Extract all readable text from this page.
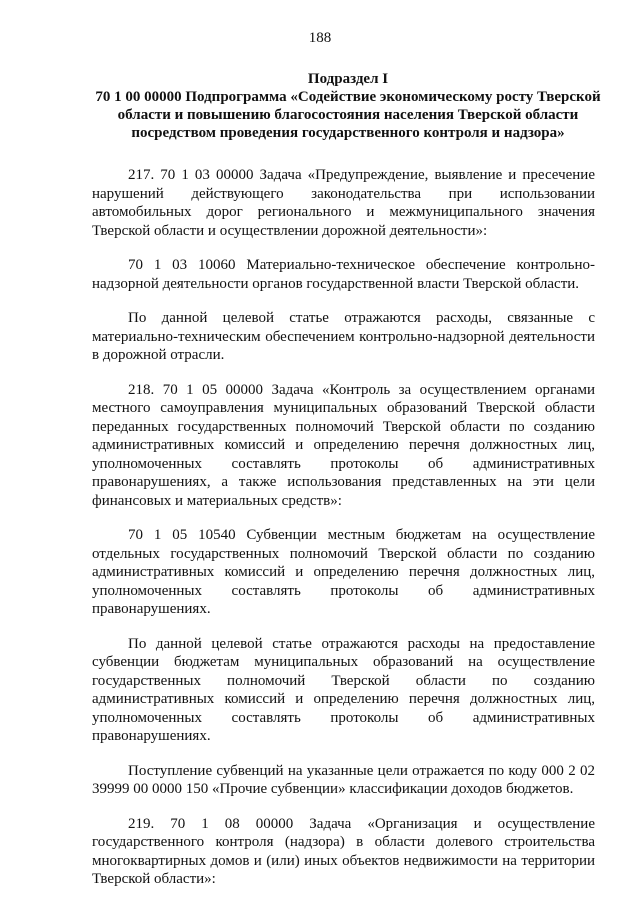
188
Подраздел I
70 1 00 00000 Подпрограмма «Содействие экономическому росту Тверской области и повышению благосостояния населения Тверской области посредством проведения государственного контроля и надзора»

217. 70 1 03 00000 Задача «Предупреждение, выявление и пресечение нарушений действующего законодательства при использовании автомобильных дорог регионального и межмуниципального значения Тверской области и осуществлении дорожной деятельности»:

70 1 03 10060 Материально-техническое обеспечение контрольно-надзорной деятельности органов государственной власти Тверской области.

По данной целевой статье отражаются расходы, связанные с материально-техническим обеспечением контрольно-надзорной деятельности в дорожной отрасли.

218. 70 1 05 00000 Задача «Контроль за осуществлением органами местного самоуправления муниципальных образований Тверской области переданных государственных полномочий Тверской области по созданию административных комиссий и определению перечня должностных лиц, уполномоченных составлять протоколы об административных правонарушениях, а также использования представленных на эти цели финансовых и материальных средств»:

70 1 05 10540 Субвенции местным бюджетам на осуществление отдельных государственных полномочий Тверской области по созданию административных комиссий и определению перечня должностных лиц, уполномоченных составлять протоколы об административных правонарушениях.

По данной целевой статье отражаются расходы на предоставление субвенции бюджетам муниципальных образований на осуществление государственных полномочий Тверской области по созданию административных комиссий и определению перечня должностных лиц, уполномоченных составлять протоколы об административных правонарушениях.

Поступление субвенций на указанные цели отражается по коду 000 2 02 39999 00 0000 150 «Прочие субвенции» классификации доходов бюджетов.

219. 70 1 08 00000 Задача «Организация и осуществление государственного контроля (надзора) в области долевого строительства многоквартирных домов и (или) иных объектов недвижимости на территории Тверской области»:
